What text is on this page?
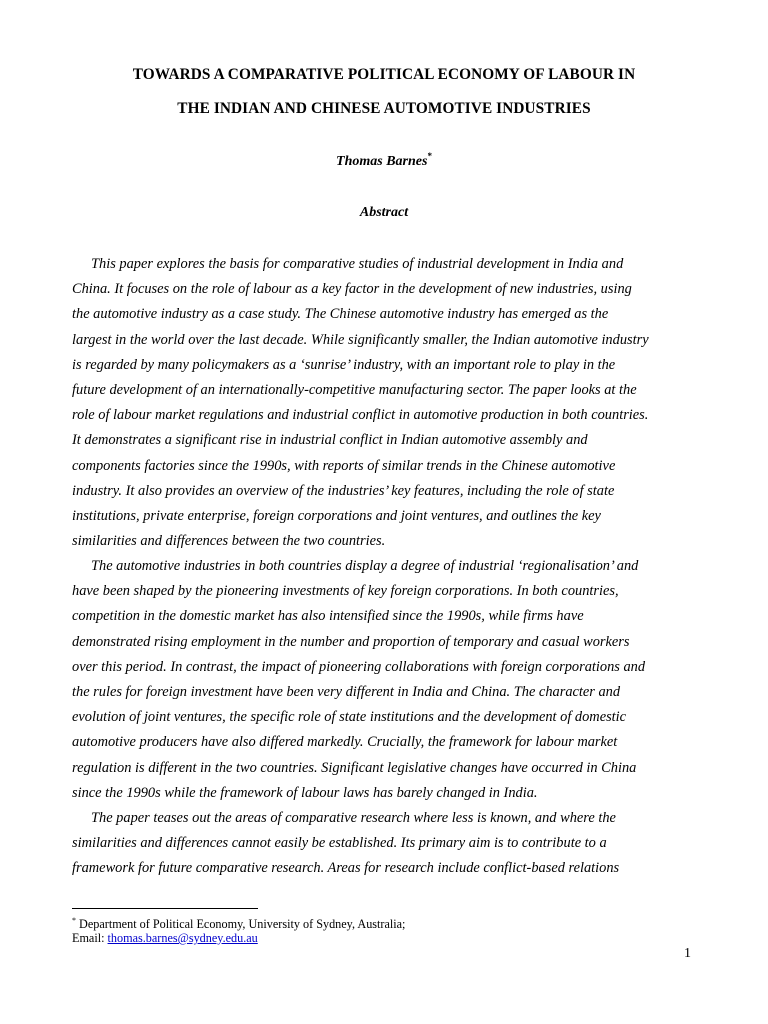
TOWARDS A COMPARATIVE POLITICAL ECONOMY OF LABOUR IN
THE INDIAN AND CHINESE AUTOMOTIVE INDUSTRIES
Thomas Barnes*
Abstract
This paper explores the basis for comparative studies of industrial development in India and
China. It focuses on the role of labour as a key factor in the development of new industries, using
the automotive industry as a case study. The Chinese automotive industry has emerged as the
largest in the world over the last decade. While significantly smaller, the Indian automotive industry
is regarded by many policymakers as a ‘sunrise’ industry, with an important role to play in the
future development of an internationally-competitive manufacturing sector. The paper looks at the
role of labour market regulations and industrial conflict in automotive production in both countries.
It demonstrates a significant rise in industrial conflict in Indian automotive assembly and
components factories since the 1990s, with reports of similar trends in the Chinese automotive
industry. It also provides an overview of the industries’ key features, including the role of state
institutions, private enterprise, foreign corporations and joint ventures, and outlines the key
similarities and differences between the two countries.
The automotive industries in both countries display a degree of industrial ‘regionalisation’ and
have been shaped by the pioneering investments of key foreign corporations. In both countries,
competition in the domestic market has also intensified since the 1990s, while firms have
demonstrated rising employment in the number and proportion of temporary and casual workers
over this period. In contrast, the impact of pioneering collaborations with foreign corporations and
the rules for foreign investment have been very different in India and China. The character and
evolution of joint ventures, the specific role of state institutions and the development of domestic
automotive producers have also differed markedly. Crucially, the framework for labour market
regulation is different in the two countries. Significant legislative changes have occurred in China
since the 1990s while the framework of labour laws has barely changed in India.
The paper teases out the areas of comparative research where less is known, and where the
similarities and differences cannot easily be established. Its primary aim is to contribute to a
framework for future comparative research. Areas for research include conflict-based relations
* Department of Political Economy, University of Sydney, Australia;
Email: thomas.barnes@sydney.edu.au
1
